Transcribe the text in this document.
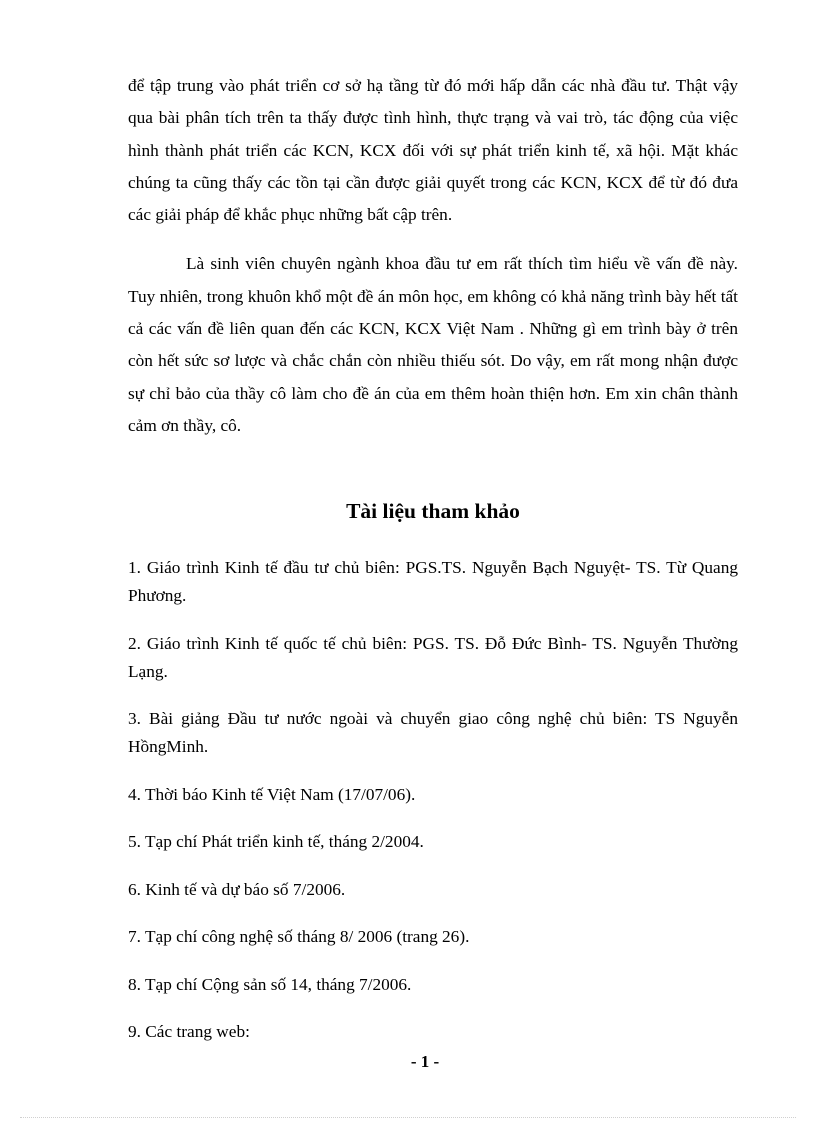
để tập trung vào phát triển cơ sở hạ tầng từ đó mới hấp dẫn các nhà đầu tư. Thật vậy qua bài phân tích trên ta thấy được tình hình, thực trạng và vai trò, tác động của việc hình thành phát triển các KCN, KCX đối với sự phát triển kinh tế, xã hội. Mặt khác chúng ta cũng thấy các tồn tại cần được giải quyết trong các KCN, KCX để từ đó đưa các giải pháp để khắc phục những bất cập trên.

Là sinh viên chuyên ngành khoa đầu tư em rất thích tìm hiểu về vấn đề này. Tuy nhiên, trong khuôn khổ một đề án môn học, em không có khả năng trình bày hết tất cả các vấn đề liên quan đến các KCN, KCX Việt Nam . Những gì em trình bày ở trên còn hết sức sơ lược và chắc chắn còn nhiều thiếu sót. Do vậy, em rất mong nhận được sự chỉ bảo của thầy cô làm cho đề án của em thêm hoàn thiện hơn. Em xin chân thành cảm ơn thầy, cô.

Tài liệu tham khảo

1. Giáo trình Kinh tế đầu tư chủ biên: PGS.TS. Nguyễn Bạch Nguyệt- TS. Từ Quang Phương.

2. Giáo trình Kinh tế quốc tế chủ biên: PGS. TS. Đỗ Đức Bình- TS. Nguyễn Thường Lạng.

3. Bài giảng Đầu tư nước ngoài và chuyển giao công nghệ chủ biên: TS Nguyễn HồngMinh.

4. Thời báo Kinh tế Việt Nam (17/07/06).

5. Tạp chí Phát triển kinh tế, tháng 2/2004.

6. Kinh tế và dự báo số 7/2006.

7. Tạp chí công nghệ số tháng 8/ 2006 (trang 26).

8. Tạp chí Cộng sản số 14, tháng 7/2006.

9. Các trang web:

- 1 -
